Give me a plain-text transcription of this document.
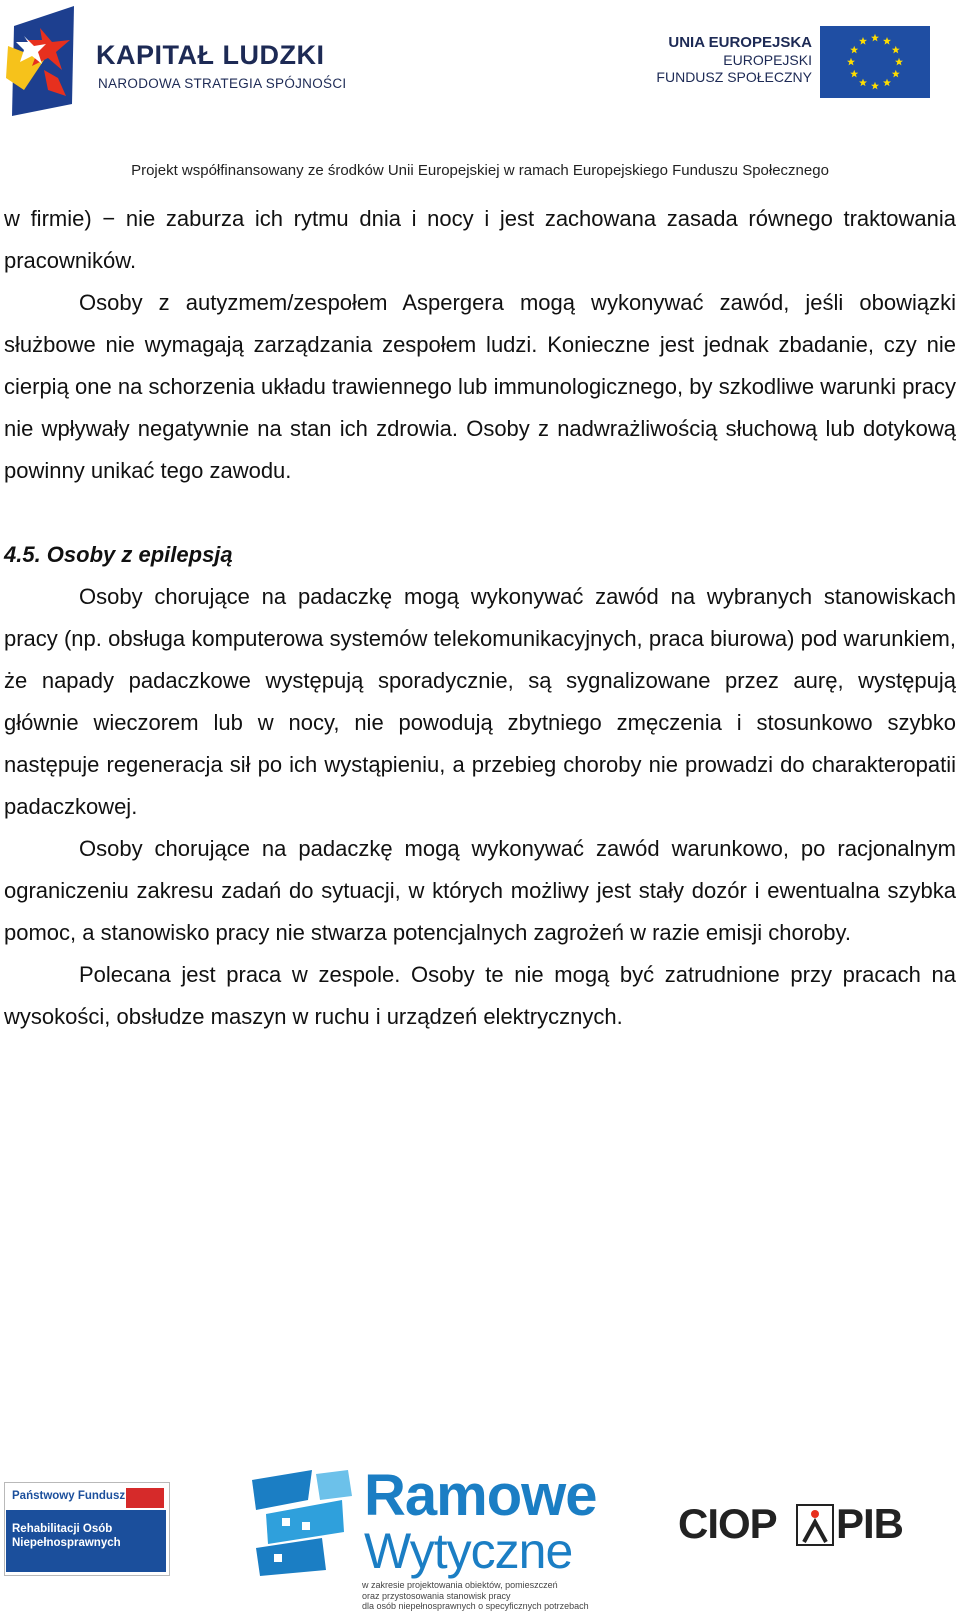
KAPITAŁ LUDZKI
NARODOWA STRATEGIA SPÓJNOŚCI
UNIA EUROPEJSKA
EUROPEJSKI
FUNDUSZ SPOŁECZNY
Projekt współfinansowany ze środków Unii Europejskiej w ramach Europejskiego Funduszu Społecznego

w firmie) − nie zaburza ich rytmu dnia i nocy i jest zachowana zasada równego traktowania pracowników.

Osoby z autyzmem/zespołem Aspergera mogą wykonywać zawód, jeśli obowiązki służbowe nie wymagają zarządzania zespołem ludzi. Konieczne jest jednak zbadanie, czy nie cierpią one na schorzenia układu trawiennego lub immunologicznego, by szkodliwe warunki pracy nie wpływały negatywnie na stan ich zdrowia. Osoby z nadwrażliwością słuchową lub dotykową powinny unikać tego zawodu.

4.5. Osoby z epilepsją

Osoby chorujące na padaczkę mogą wykonywać zawód na wybranych stanowiskach pracy (np. obsługa komputerowa systemów telekomunikacyjnych, praca biurowa) pod warunkiem, że napady padaczkowe występują sporadycznie, są sygnalizowane przez aurę, występują głównie wieczorem lub w nocy, nie powodują zbytniego zmęczenia i stosunkowo szybko następuje regeneracja sił po ich wystąpieniu, a przebieg choroby nie prowadzi do charakteropatii padaczkowej.

Osoby chorujące na padaczkę mogą wykonywać zawód warunkowo, po racjonalnym ograniczeniu zakresu zadań do sytuacji, w których możliwy jest stały dozór i ewentualna szybka pomoc, a stanowisko pracy nie stwarza potencjalnych zagrożeń w razie emisji choroby.

Polecana jest praca w zespole. Osoby te nie mogą być zatrudnione przy pracach na wysokości, obsłudze maszyn w ruchu i urządzeń elektrycznych.

Państwowy Fundusz
Rehabilitacji Osób Niepełnosprawnych
Ramowe
Wytyczne
w zakresie projektowania obiektów, pomieszczeń
oraz przystosowania stanowisk pracy
dla osób niepełnosprawnych o specyficznych potrzebach
CIOP PIB
